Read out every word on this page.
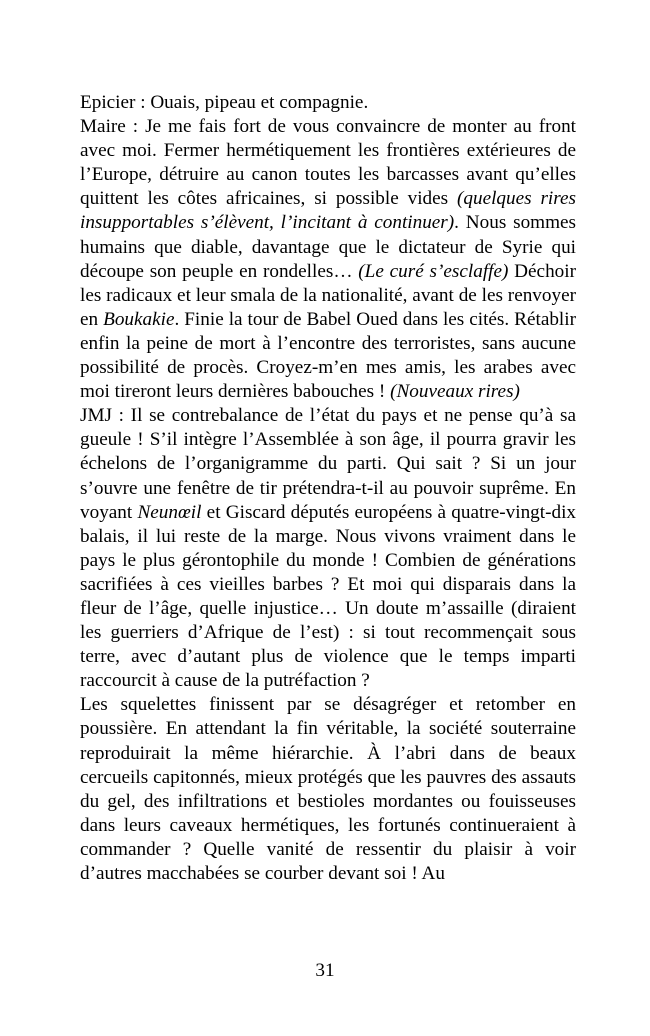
Epicier : Ouais, pipeau et compagnie.

Maire : Je me fais fort de vous convaincre de monter au front avec moi. Fermer hermétiquement les frontières extérieures de l’Europe, détruire au canon toutes les barcasses avant qu’elles quittent les côtes africaines, si possible vides (quelques rires insupportables s’élèvent, l’incitant à continuer). Nous sommes humains que diable, davantage que le dictateur de Syrie qui découpe son peuple en rondelles… (Le curé s’esclaffe) Déchoir les radicaux et leur smala de la nationalité, avant de les renvoyer en Boukakie. Finie la tour de Babel Oued dans les cités. Rétablir enfin la peine de mort à l’encontre des terroristes, sans aucune possibilité de procès. Croyez-m’en mes amis, les arabes avec moi tireront leurs dernières babouches ! (Nouveaux rires)

JMJ : Il se contrebalance de l’état du pays et ne pense qu’à sa gueule ! S’il intègre l’Assemblée à son âge, il pourra gravir les échelons de l’organigramme du parti. Qui sait ? Si un jour s’ouvre une fenêtre de tir prétendra-t-il au pouvoir suprême. En voyant Neunœil et Giscard députés européens à quatre-vingt-dix balais, il lui reste de la marge. Nous vivons vraiment dans le pays le plus gérontophile du monde ! Combien de générations sacrifiées à ces vieilles barbes ? Et moi qui disparais dans la fleur de l’âge, quelle injustice… Un doute m’assaille (diraient les guerriers d’Afrique de l’est) : si tout recommençait sous terre, avec d’autant plus de violence que le temps imparti raccourcit à cause de la putréfaction ?

Les squelettes finissent par se désagréger et retomber en poussière. En attendant la fin véritable, la société souterraine reproduirait la même hiérarchie. À l’abri dans de beaux cercueils capitonnés, mieux protégés que les pauvres des assauts du gel, des infiltrations et bestioles mordantes ou fouisseuses dans leurs caveaux hermétiques, les fortunés continueraient à commander ? Quelle vanité de ressentir du plaisir à voir d’autres macchabées se courber devant soi ! Au

31
